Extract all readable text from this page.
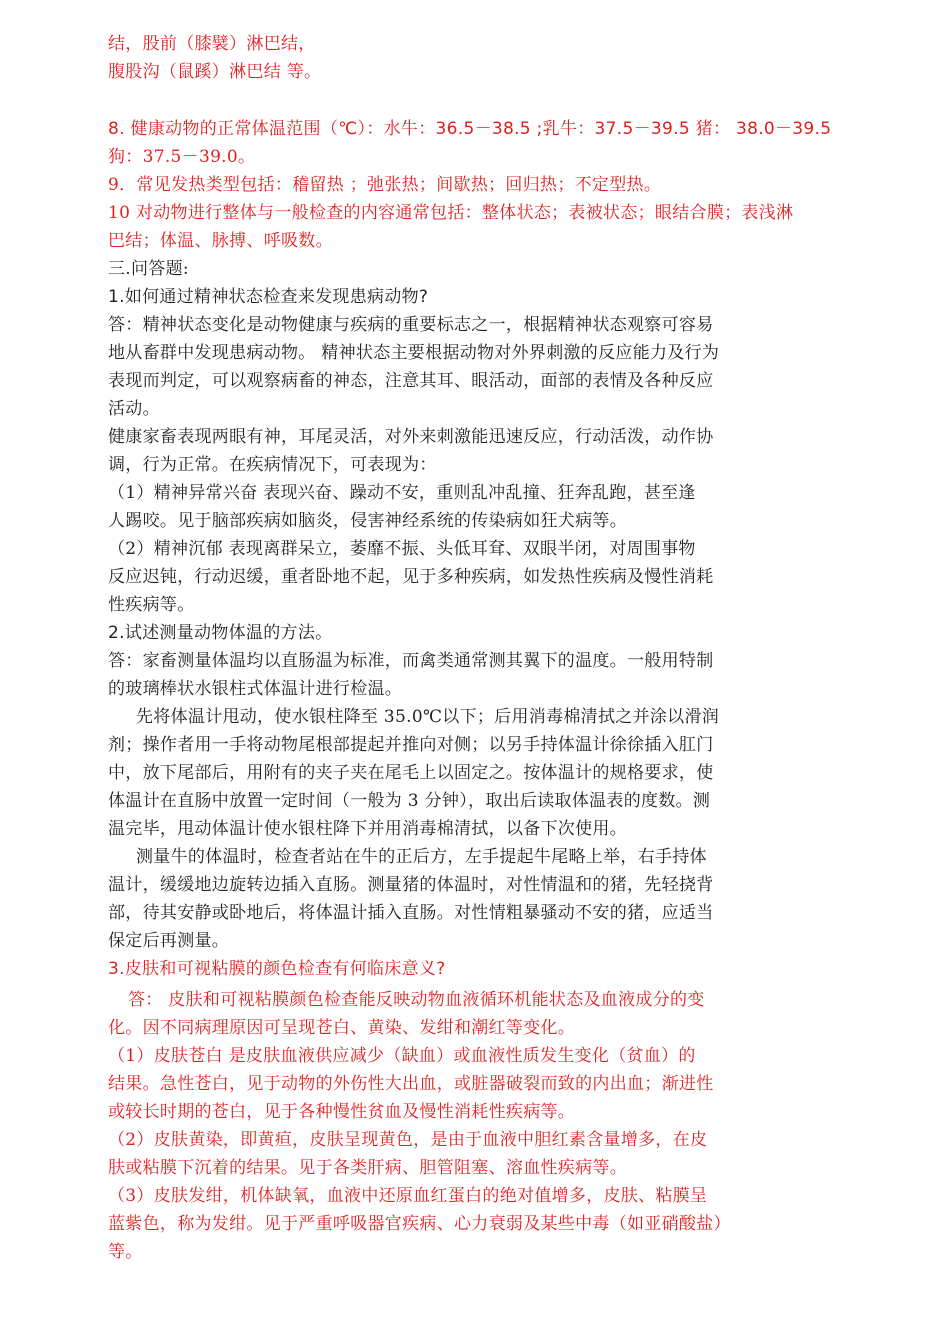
结，股前（膝襞）淋巴结，
腹股沟（鼠蹊）淋巴结 等。
8. 健康动物的正常体温范围（℃）：水牛：36.5－38.5 ;乳牛：37.5－39.5 猪： 38.0－39.5
狗：37.5－39.0。
9．常见发热类型包括：稽留热 ；弛张热；间歇热；回归热；不定型热。
10 对动物进行整体与一般检查的内容通常包括：整体状态；表被状态；眼结合膜；表浅淋
巴结；体温、脉搏、呼吸数。
三.问答题:
1.如何通过精神状态检查来发现患病动物?
答：精神状态变化是动物健康与疾病的重要标志之一，根据精神状态观察可容易
地从畜群中发现患病动物。 精神状态主要根据动物对外界刺激的反应能力及行为
表现而判定，可以观察病畜的神态，注意其耳、眼活动，面部的表情及各种反应
活动。
健康家畜表现两眼有神，耳尾灵活，对外来刺激能迅速反应，行动活泼，动作协
调，行为正常。在疾病情况下，可表现为：
（1）精神异常兴奋 表现兴奋、躁动不安，重则乱冲乱撞、狂奔乱跑，甚至逢
人踢咬。见于脑部疾病如脑炎，侵害神经系统的传染病如狂犬病等。
（2）精神沉郁 表现离群呆立，萎靡不振、头低耳耷、双眼半闭，对周围事物
反应迟钝，行动迟缓，重者卧地不起，见于多种疾病，如发热性疾病及慢性消耗
性疾病等。
2.试述测量动物体温的方法。
答：家畜测量体温均以直肠温为标准，而禽类通常测其翼下的温度。一般用特制
的玻璃棒状水银柱式体温计进行检温。
先将体温计甩动，使水银柱降至 35.0℃以下；后用消毒棉清拭之并涂以滑润
剂；操作者用一手将动物尾根部提起并推向对侧；以另手持体温计徐徐插入肛门
中，放下尾部后，用附有的夹子夹在尾毛上以固定之。按体温计的规格要求，使
体温计在直肠中放置一定时间（一般为 3 分钟），取出后读取体温表的度数。测
温完毕，甩动体温计使水银柱降下并用消毒棉清拭，以备下次使用。
测量牛的体温时，检查者站在牛的正后方，左手提起牛尾略上举，右手持体
温计，缓缓地边旋转边插入直肠。测量猪的体温时，对性情温和的猪，先轻挠背
部，待其安静或卧地后，将体温计插入直肠。对性情粗暴骚动不安的猪，应适当
保定后再测量。
3.皮肤和可视粘膜的颜色检查有何临床意义?
答： 皮肤和可视粘膜颜色检查能反映动物血液循环机能状态及血液成分的变
化。因不同病理原因可呈现苍白、黄染、发绀和潮红等变化。
（1）皮肤苍白 是皮肤血液供应减少（缺血）或血液性质发生变化（贫血）的
结果。急性苍白，见于动物的外伤性大出血，或脏器破裂而致的内出血；渐进性
或较长时期的苍白，见于各种慢性贫血及慢性消耗性疾病等。
（2）皮肤黄染，即黄疸，皮肤呈现黄色，是由于血液中胆红素含量增多，在皮
肤或粘膜下沉着的结果。见于各类肝病、胆管阻塞、溶血性疾病等。
（3）皮肤发绀，机体缺氧，血液中还原血红蛋白的绝对值增多，皮肤、粘膜呈
蓝紫色，称为发绀。见于严重呼吸器官疾病、心力衰弱及某些中毒（如亚硝酸盐）
等。
